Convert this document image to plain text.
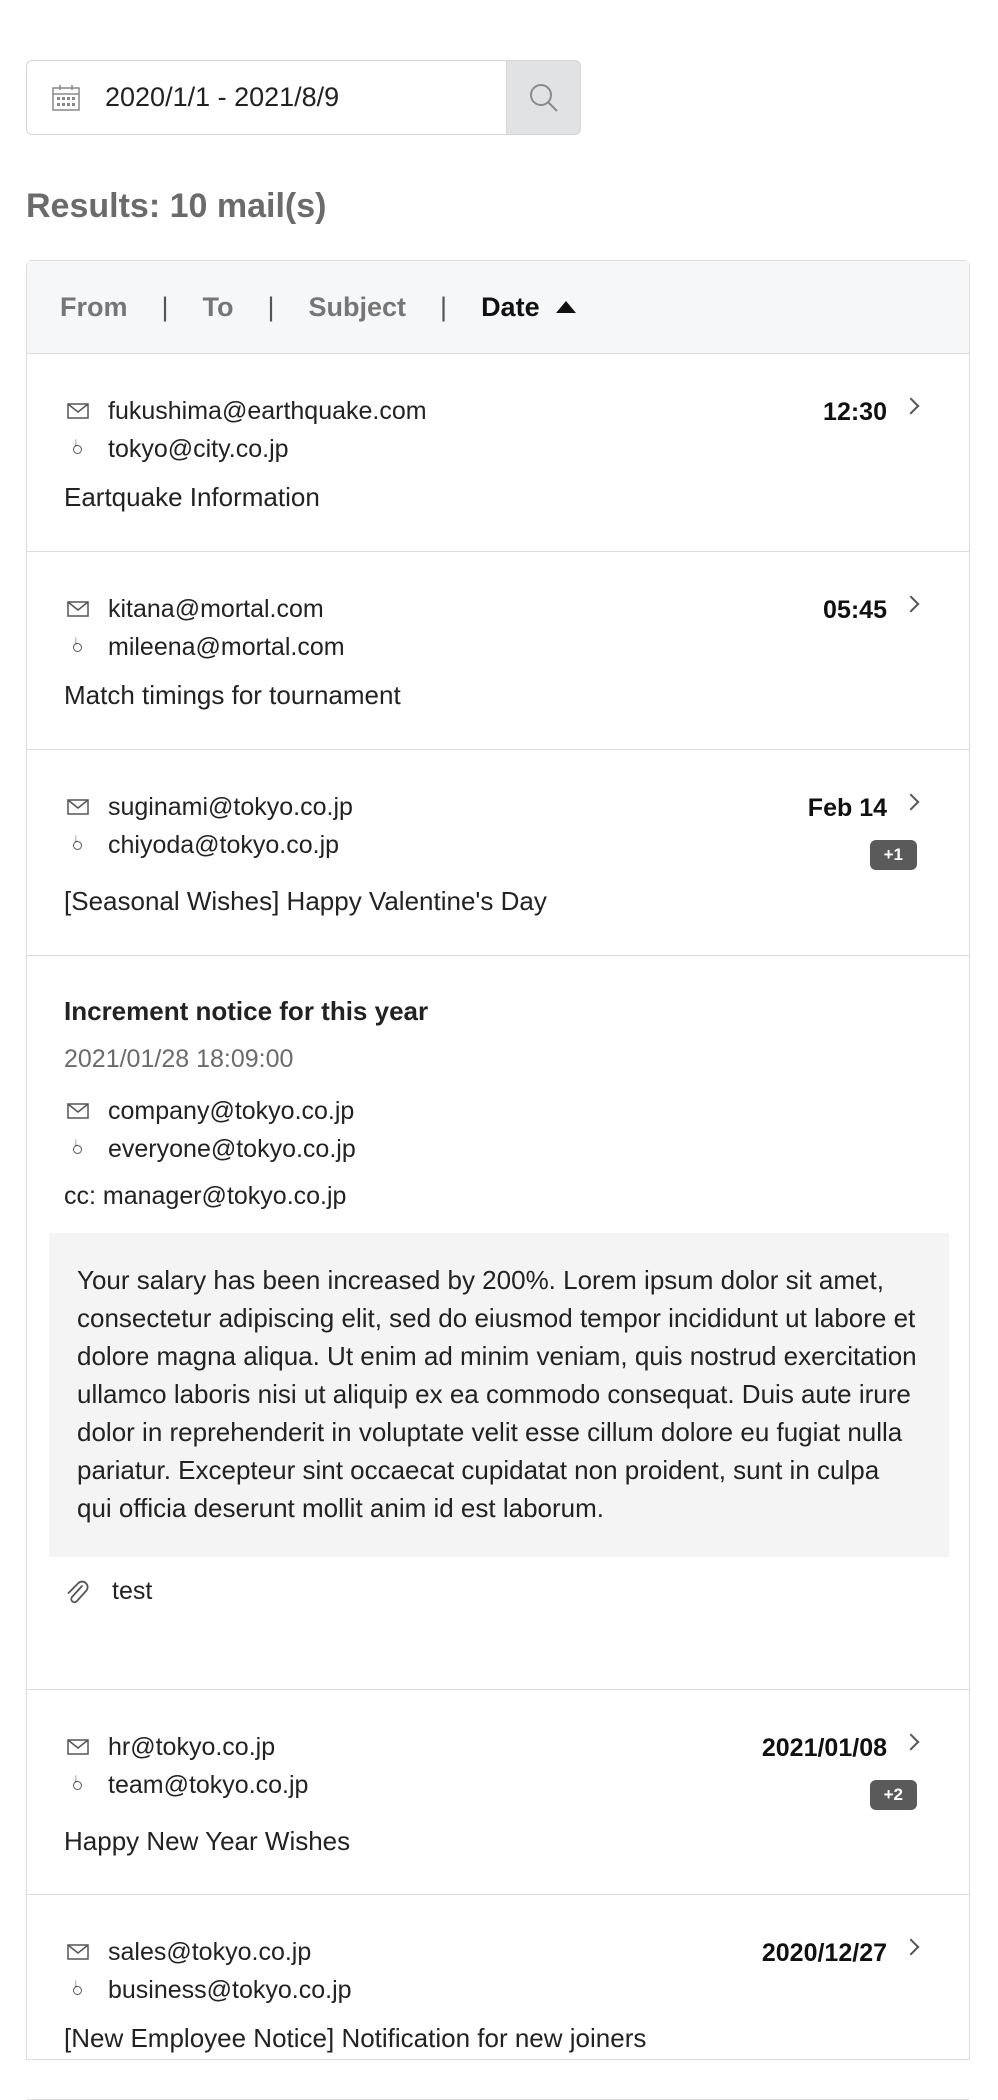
2020/1/1 - 2021/8/9
Results: 10 mail(s)
From | To | Subject | Date
fukushima@earthquake.com
tokyo@city.co.jp
Eartquake Information
12:30
kitana@mortal.com
mileena@mortal.com
Match timings for tournament
05:45
suginami@tokyo.co.jp
chiyoda@tokyo.co.jp
[Seasonal Wishes] Happy Valentine's Day
Feb 14
+1
Increment notice for this year
2021/01/28 18:09:00
company@tokyo.co.jp
everyone@tokyo.co.jp
cc: manager@tokyo.co.jp
Your salary has been increased by 200%. Lorem ipsum dolor sit amet, consectetur adipiscing elit, sed do eiusmod tempor incididunt ut labore et dolore magna aliqua. Ut enim ad minim veniam, quis nostrud exercitation ullamco laboris nisi ut aliquip ex ea commodo consequat. Duis aute irure dolor in reprehenderit in voluptate velit esse cillum dolore eu fugiat nulla pariatur. Excepteur sint occaecat cupidatat non proident, sunt in culpa qui officia deserunt mollit anim id est laborum.
test
hr@tokyo.co.jp
team@tokyo.co.jp
Happy New Year Wishes
2021/01/08
+2
sales@tokyo.co.jp
business@tokyo.co.jp
[New Employee Notice] Notification for new joiners
2020/12/27
